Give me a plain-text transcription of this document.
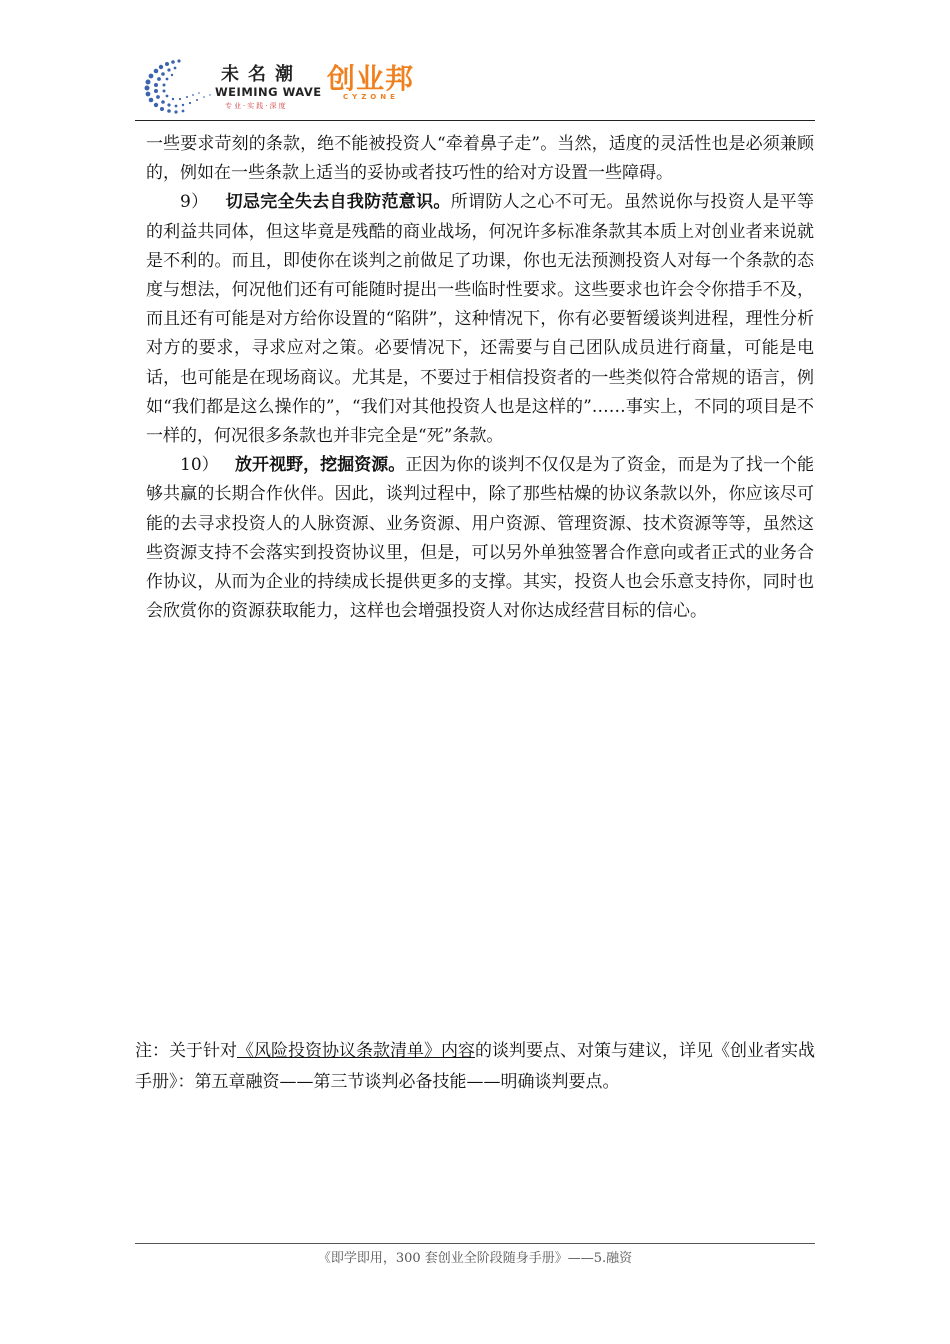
未名潮
WEIMING WAVE
专业·实践·深度
创业邦
CYZONE

一些要求苛刻的条款，绝不能被投资人“牵着鼻子走”。当然，适度的灵活性也是必须兼顾的，例如在一些条款上适当的妥协或者技巧性的给对方设置一些障碍。

9） 切忌完全失去自我防范意识。所谓防人之心不可无。虽然说你与投资人是平等的利益共同体，但这毕竟是残酷的商业战场，何况许多标准条款其本质上对创业者来说就是不利的。而且，即使你在谈判之前做足了功课，你也无法预测投资人对每一个条款的态度与想法，何况他们还有可能随时提出一些临时性要求。这些要求也许会令你措手不及，而且还有可能是对方给你设置的“陷阱”，这种情况下，你有必要暂缓谈判进程，理性分析对方的要求，寻求应对之策。必要情况下，还需要与自己团队成员进行商量，可能是电话，也可能是在现场商议。尤其是，不要过于相信投资者的一些类似符合常规的语言，例如“我们都是这么操作的”，“我们对其他投资人也是这样的”……事实上，不同的项目是不一样的，何况很多条款也并非完全是“死”条款。

10） 放开视野，挖掘资源。正因为你的谈判不仅仅是为了资金，而是为了找一个能够共赢的长期合作伙伴。因此，谈判过程中，除了那些枯燥的协议条款以外，你应该尽可能的去寻求投资人的人脉资源、业务资源、用户资源、管理资源、技术资源等等，虽然这些资源支持不会落实到投资协议里，但是，可以另外单独签署合作意向或者正式的业务合作协议，从而为企业的持续成长提供更多的支撑。其实，投资人也会乐意支持你，同时也会欣赏你的资源获取能力，这样也会增强投资人对你达成经营目标的信心。

注：关于针对《风险投资协议条款清单》内容的谈判要点、对策与建议，详见《创业者实战手册》：第五章融资——第三节谈判必备技能——明确谈判要点。

《即学即用，300 套创业全阶段随身手册》——5.融资
